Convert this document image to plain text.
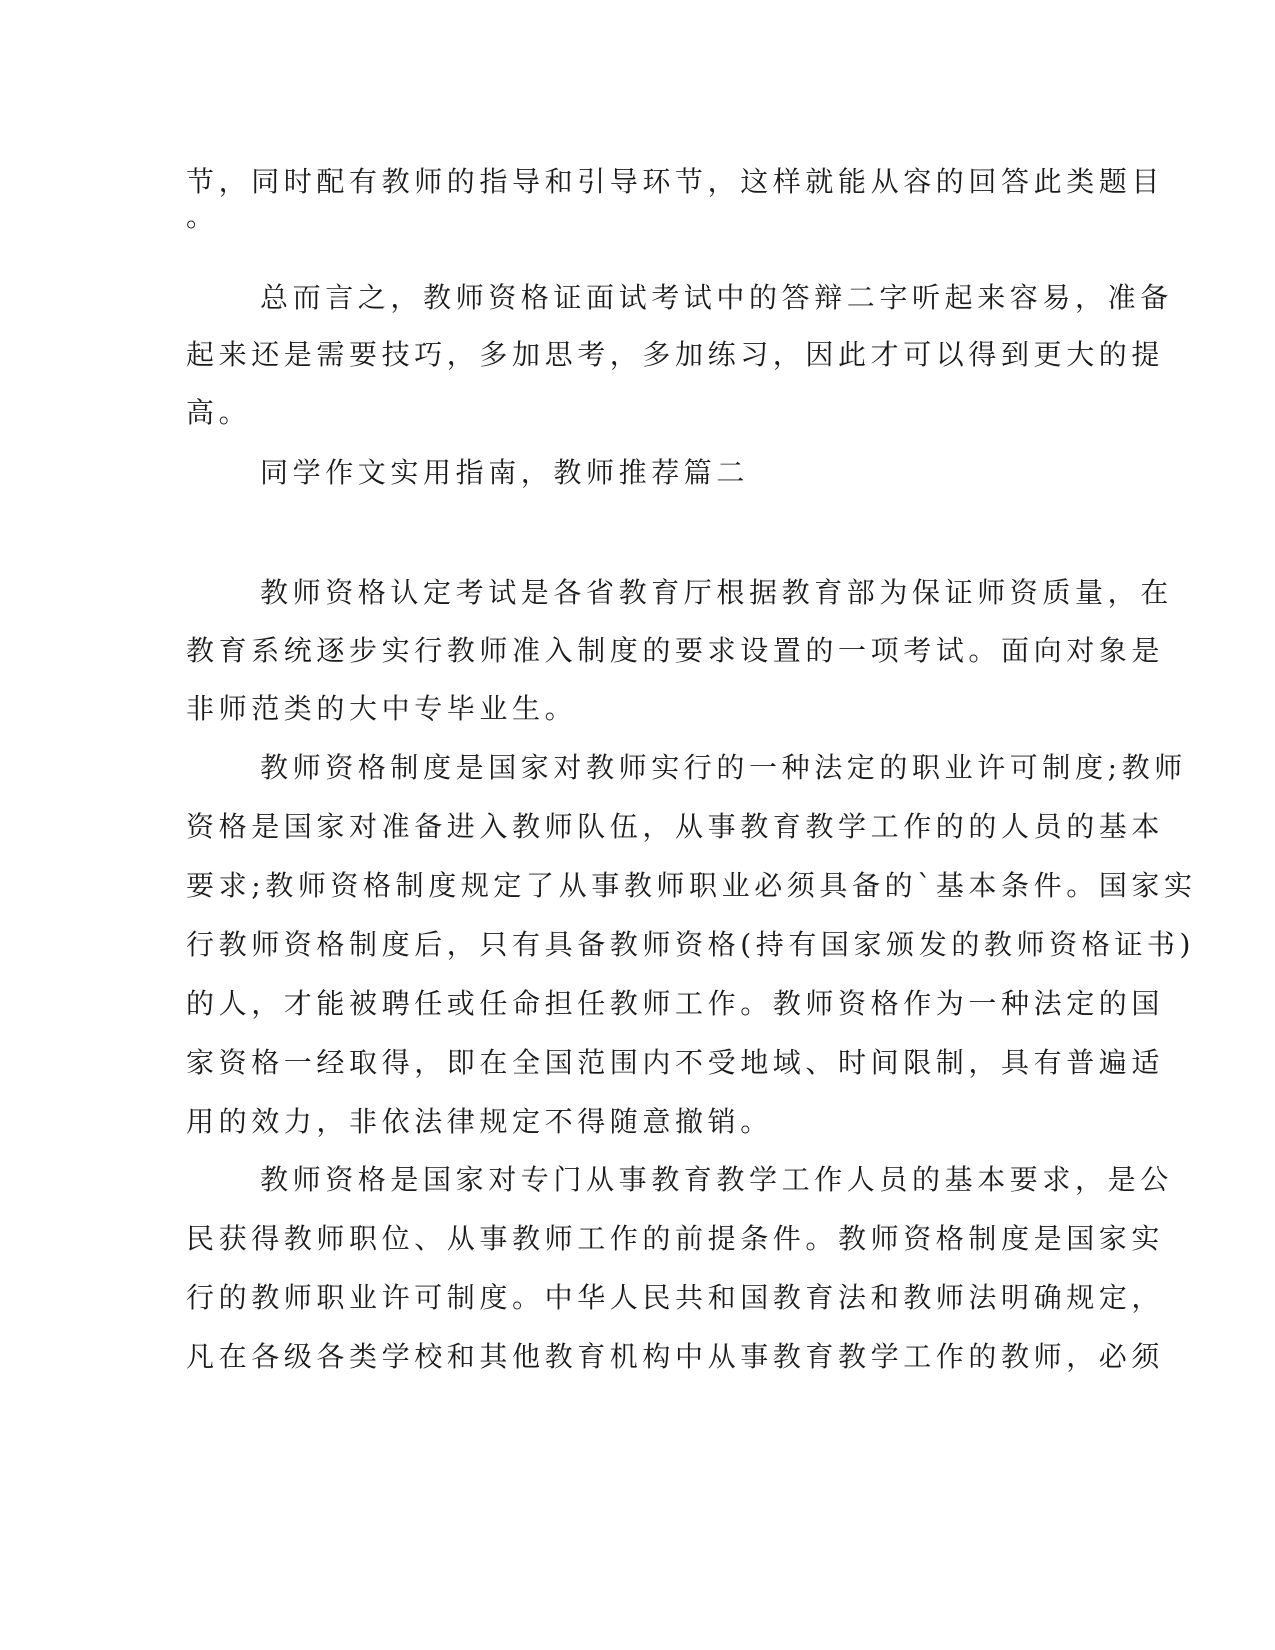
节，同时配有教师的指导和引导环节，这样就能从容的回答此类题目
。
总而言之，教师资格证面试考试中的答辩二字听起来容易，准备
起来还是需要技巧，多加思考，多加练习，因此才可以得到更大的提
高。
同学作文实用指南，教师推荐篇二
教师资格认定考试是各省教育厅根据教育部为保证师资质量，在
教育系统逐步实行教师准入制度的要求设置的一项考试。面向对象是
非师范类的大中专毕业生。
教师资格制度是国家对教师实行的一种法定的职业许可制度;教师
资格是国家对准备进入教师队伍，从事教育教学工作的的人员的基本
要求;教师资格制度规定了从事教师职业必须具备的`基本条件。国家实
行教师资格制度后，只有具备教师资格(持有国家颁发的教师资格证书)
的人，才能被聘任或任命担任教师工作。教师资格作为一种法定的国
家资格一经取得，即在全国范围内不受地域、时间限制，具有普遍适
用的效力，非依法律规定不得随意撤销。
教师资格是国家对专门从事教育教学工作人员的基本要求，是公
民获得教师职位、从事教师工作的前提条件。教师资格制度是国家实
行的教师职业许可制度。中华人民共和国教育法和教师法明确规定，
凡在各级各类学校和其他教育机构中从事教育教学工作的教师，必须
